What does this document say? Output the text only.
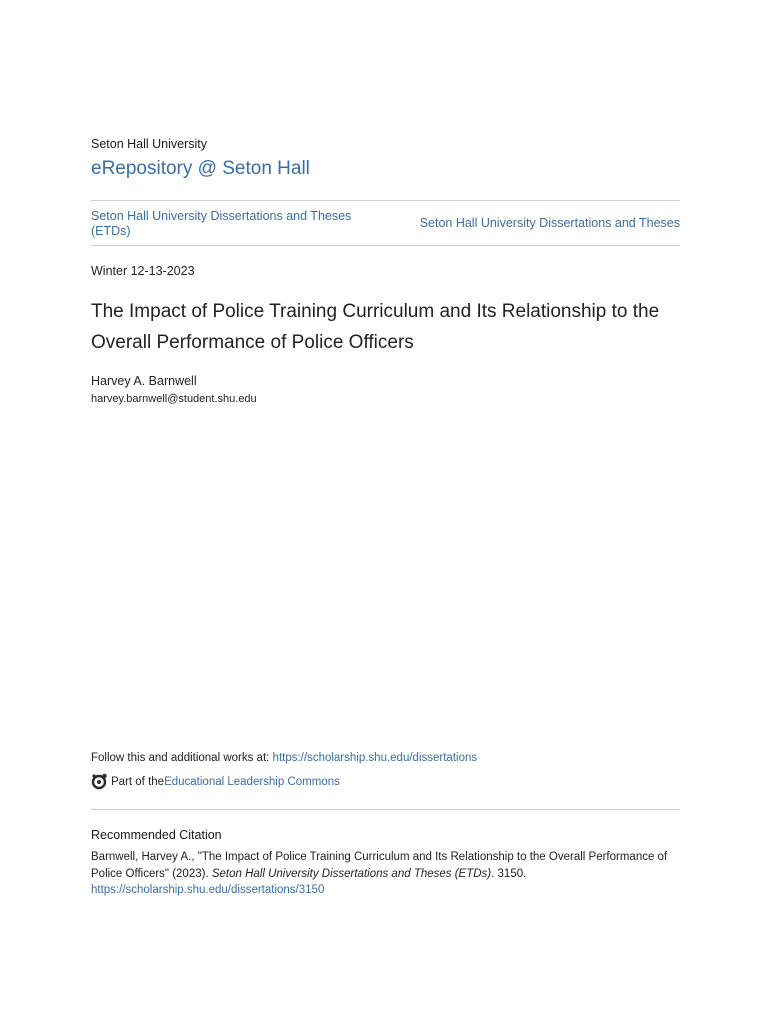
Seton Hall University
eRepository @ Seton Hall
Seton Hall University Dissertations and Theses (ETDs)
Seton Hall University Dissertations and Theses
Winter 12-13-2023
The Impact of Police Training Curriculum and Its Relationship to the Overall Performance of Police Officers
Harvey A. Barnwell
harvey.barnwell@student.shu.edu
Follow this and additional works at: https://scholarship.shu.edu/dissertations
Part of the Educational Leadership Commons
Recommended Citation
Barnwell, Harvey A., "The Impact of Police Training Curriculum and Its Relationship to the Overall Performance of Police Officers" (2023). Seton Hall University Dissertations and Theses (ETDs). 3150.
https://scholarship.shu.edu/dissertations/3150
